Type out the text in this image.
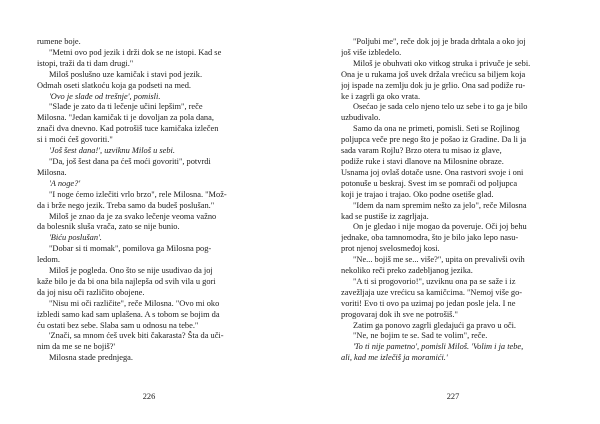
rumene boje.
"Metni ovo pod jezik i drži dok se ne istopi. Kad se
istopi, traži da ti dam drugi."
Miloš poslušno uze kamičak i stavi pod jezik.
Odmah oseti slatkoću koja ga podseti na med.
'Ovo je slađe od trešnje', pomisli.
"Slađe je zato da ti lečenje učini lepšim", reče
Milosna. "Jedan kamičak ti je dovoljan za pola dana,
znači dva dnevno. Kad potrošiš tuce kamičaka izlečen
si i moći ćeš govoriti."
'Još šest dana!', uzviknu Miloš u sebi.
"Da, još šest dana pa ćeš moći govoriti", potvrdi
Milosna.
'A noge?'
"I noge ćemo izlečiti vrlo brzo", rele Milosna. "Mož-
da i brže nego jezik. Treba samo da budeš poslušan."
Miloš je znao da je za svako lečenje veoma važno
da bolesnik sluša vrača, zato se nije bunio.
'Biću poslušan'.
"Dobar si ti momak", pomilova ga Milosna pog-
ledom.
Miloš je pogleda. Ono što se nije usuđivao da joj
kaže bilo je da bi ona bila najlepša od svih vila u gori
da joj nisu oči različito obojene.
"Nisu mi oči različite", reče Milosna. "Ovo mi oko
izbledi samo kad sam uplašena. A s tobom se bojim da
ću ostati bez sebe. Slaba sam u odnosu na tebe."
'Znači, sa mnom ćeš uvek biti čakarasta? Šta da uči-
nim da me se ne bojiš?'
Milosna stade prednjega.
226
"Poljubi me", reče dok joj je brada drhtala a oko joj
još više izbledelo.
Miloš je obuhvati oko vitkog struka i privuče je sebi.
Ona je u rukama još uvek držala vrećicu sa biljem koja
joj ispade na zemlju dok ju je grlio. Ona sad podiže ru-
ke i zagrli ga oko vrata.
Osećao je sada celo njeno telo uz sebe i to ga je bilo
uzbudivalo.
Samo da ona ne primeti, pomisli. Seti se Rojlinog
poljupca veče pre nego što je pošao iz Gradine. Da li ja
sada varam Rojlu? Brzo otera tu misao iz glave,
podiže ruke i stavi dlanove na Milosnine obraze.
Usnama joj ovlaš dotače usne. Ona rastvori svoje i oni
potonuše u beskraj. Svest im se pomrači od poljupca
koji je trajao i trajao. Oko podne osetiše glad.
"Idem da nam spremim nešto za jelo", reče Milosna
kad se pustiše iz zagrljaja.
On je gledao i nije mogao da poveruje. Oči joj behu
jednake, oba tamnomodra, što je bilo jako lepo nasu-
prot njenoj svelosmeđoj kosi.
"Ne... bojiš me se... više?", upita on prevalivši ovih
nekoliko reči preko zadebljanog jezika.
"A ti si progovorio!", uzviknu ona pa se saže i iz
zavežljaja uze vrećicu sa kamičcima. "Nemoj više go-
voriti! Evo ti ovo pa uzimaj po jedan posle jela. I ne
progovaraj dok ih sve ne potrošiš."
Zatim ga ponovo zagrli gledajući ga pravo u oči.
"Ne, ne bojim te se. Sad te volim", reče.
'To ti nije pametno', pomisli Miloš. 'Volim i ja tebe,
ali, kad me izlečiš ja moramići.'
227
